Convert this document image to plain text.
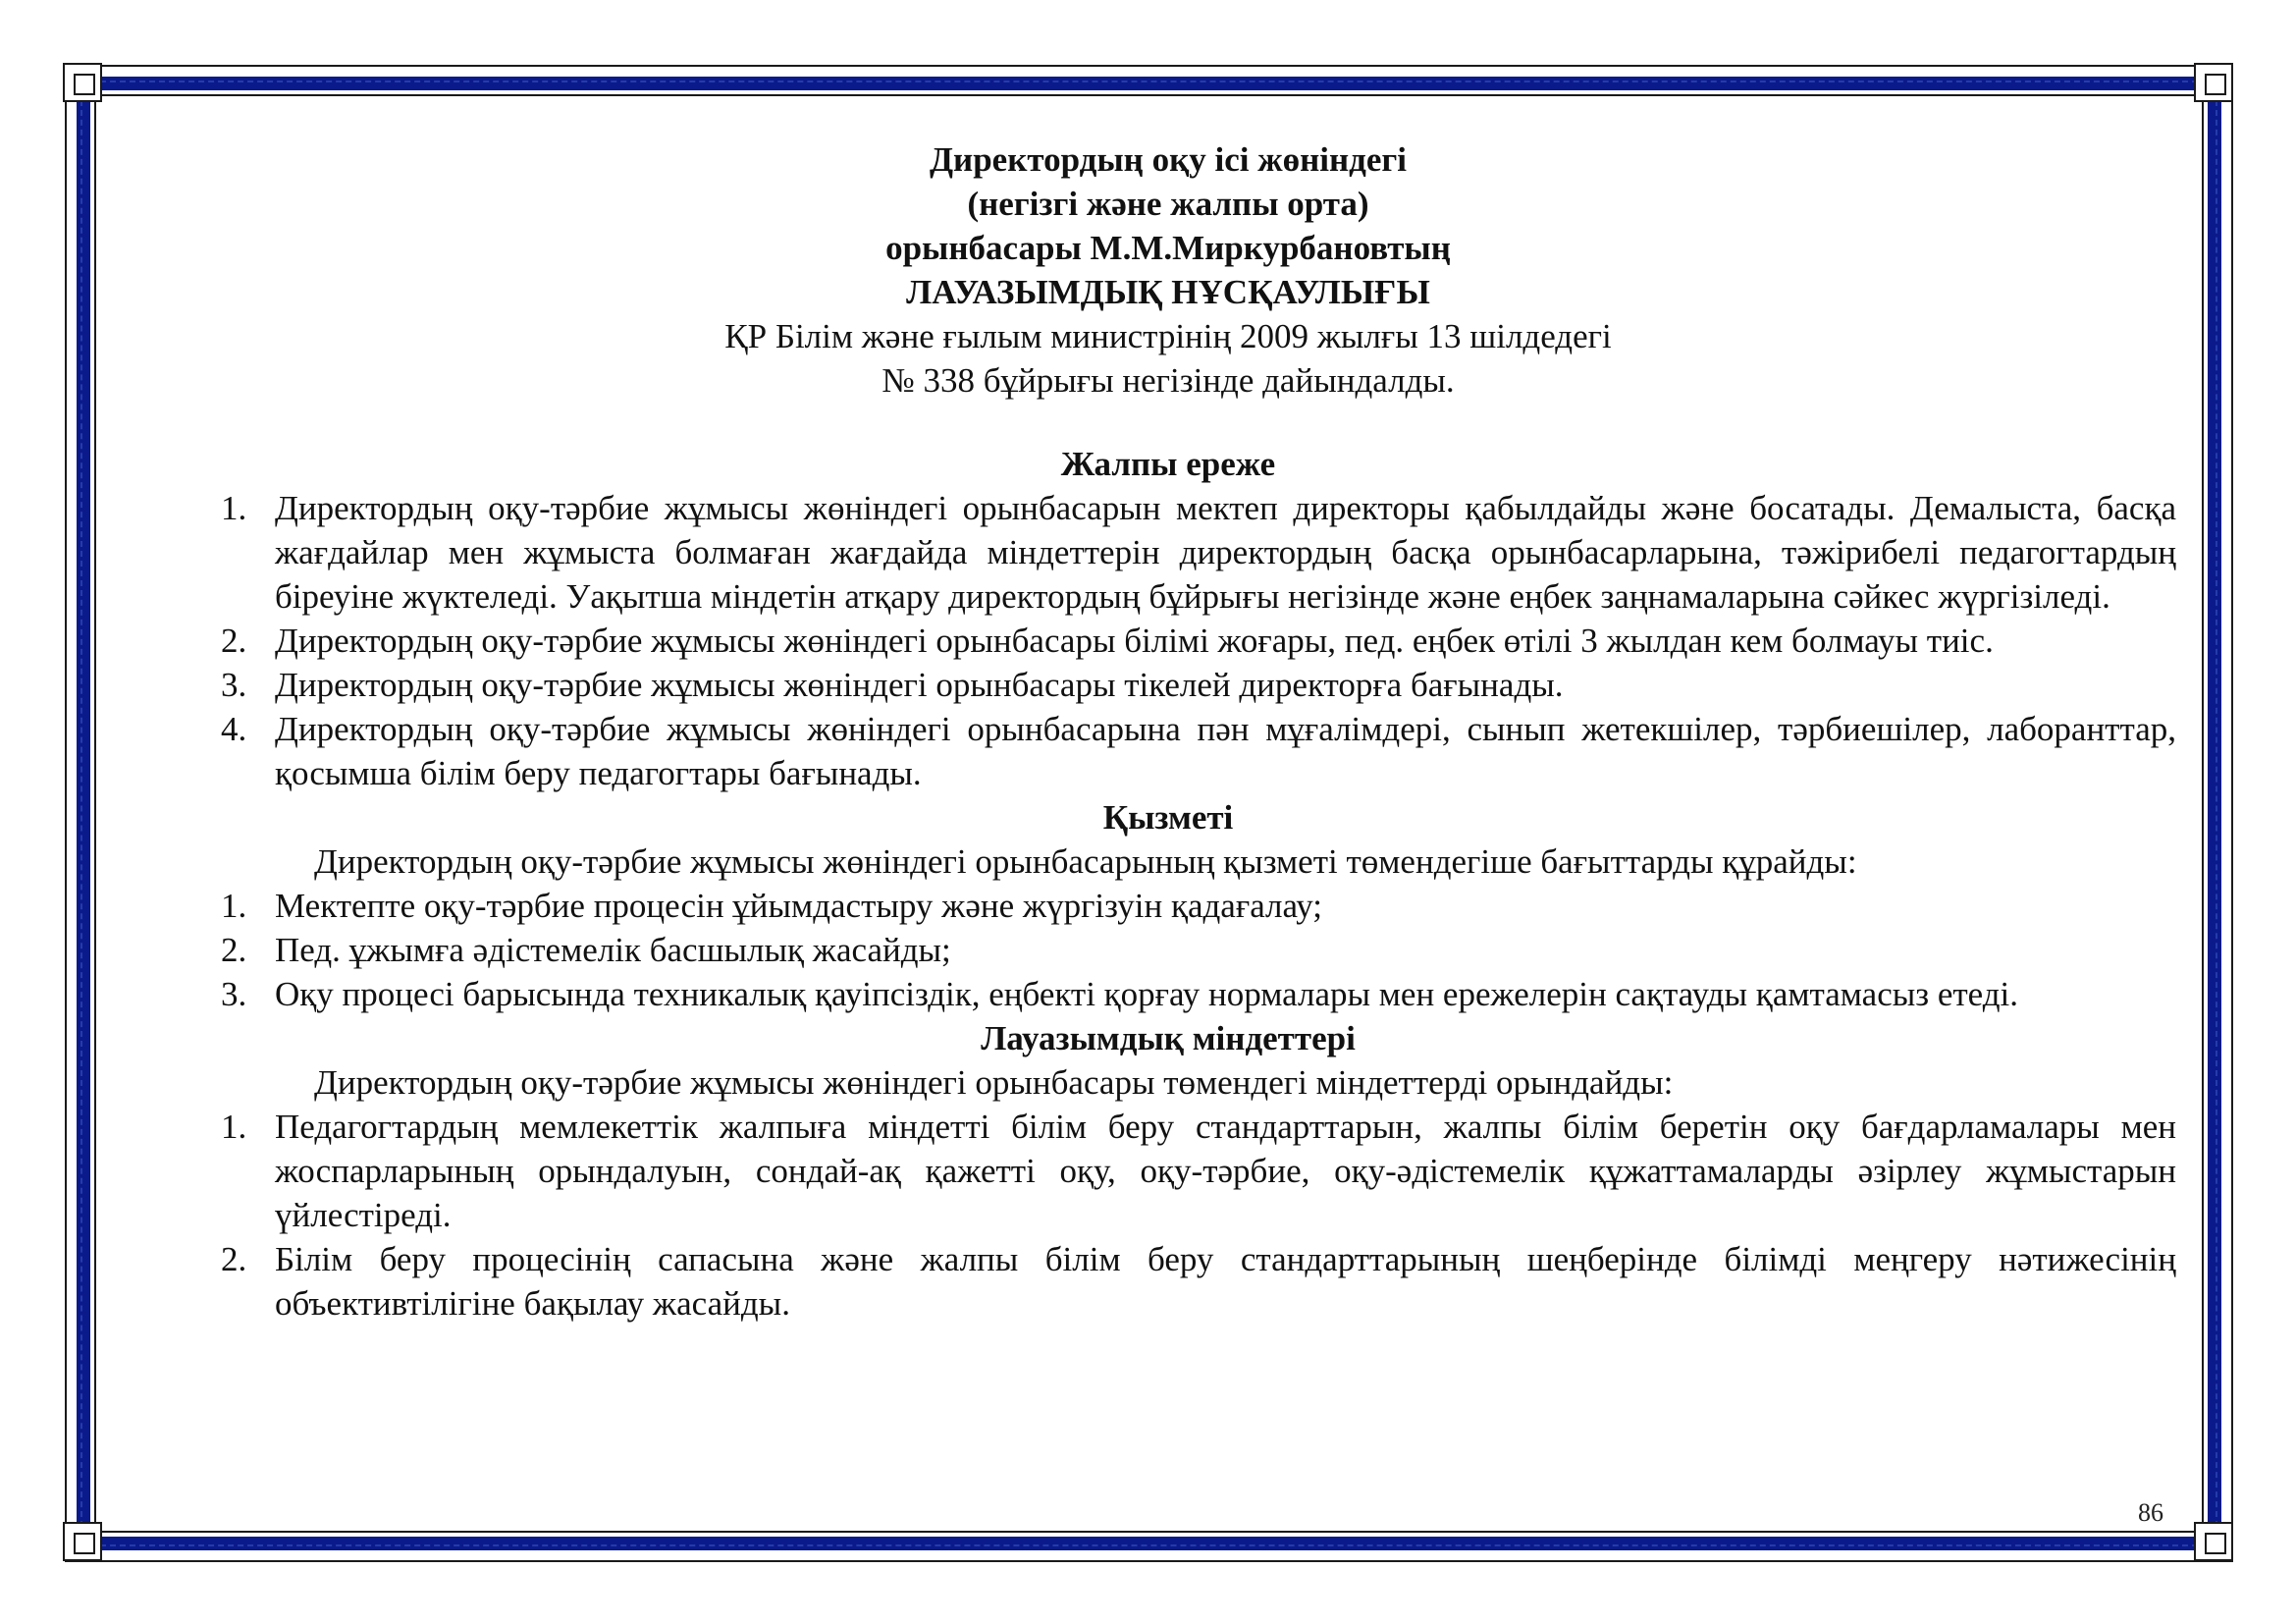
Директордың оқу ісі жөніндегі
(негізгі және жалпы орта)
орынбасары М.М.Миркурбановтың
ЛАУАЗЫМДЫҚ НҰСҚАУЛЫҒЫ
ҚР Білім және ғылым министрінің 2009 жылғы 13 шілдедегі
№ 338 бұйрығы негізінде дайындалды.
Жалпы ереже
1. Директордың оқу-тәрбие жұмысы жөніндегі орынбасарын мектеп директоры қабылдайды және босатады. Демалыста, басқа жағдайлар мен жұмыста болмаған жағдайда міндеттерін директордың басқа орынбасарларына, тәжірибелі педагогтардың біреуіне жүктеледі. Уақытша міндетін атқару директордың бұйрығы негізінде және еңбек заңнамаларына сәйкес жүргізіледі.
2. Директордың оқу-тәрбие жұмысы жөніндегі орынбасары білімі жоғары, пед. еңбек өтілі 3 жылдан кем болмауы тиіс.
3. Директордың оқу-тәрбие жұмысы жөніндегі орынбасары тікелей директорға бағынады.
4. Директордың оқу-тәрбие жұмысы жөніндегі орынбасарына пән мұғалімдері, сынып жетекшілер, тәрбиешілер, лаборанттар, қосымша білім беру педагогтары бағынады.
Қызметі
Директордың оқу-тәрбие жұмысы жөніндегі орынбасарының қызметі төмендегіше бағыттарды құрайды:
1. Мектепте оқу-тәрбие процесін ұйымдастыру және жүргізуін қадағалау;
2. Пед. ұжымға әдістемелік басшылық жасайды;
3. Оқу процесі барысында техникалық қауіпсіздік, еңбекті қорғау нормалары мен ережелерін сақтауды қамтамасыз етеді.
Лауазымдық міндеттері
Директордың оқу-тәрбие жұмысы жөніндегі орынбасары төмендегі міндеттерді орындайды:
1. Педагогтардың мемлекеттік жалпыға міндетті білім беру стандарттарын, жалпы білім беретін оқу бағдарламалары мен жоспарларының орындалуын, сондай-ақ қажетті оқу, оқу-тәрбие, оқу-әдістемелік құжаттамаларды әзірлеу жұмыстарын үйлестіреді.
2. Білім беру процесінің сапасына және жалпы білім беру стандарттарының шеңберінде білімді меңгеру нәтижесінің объективтілігіне бақылау жасайды.
86
